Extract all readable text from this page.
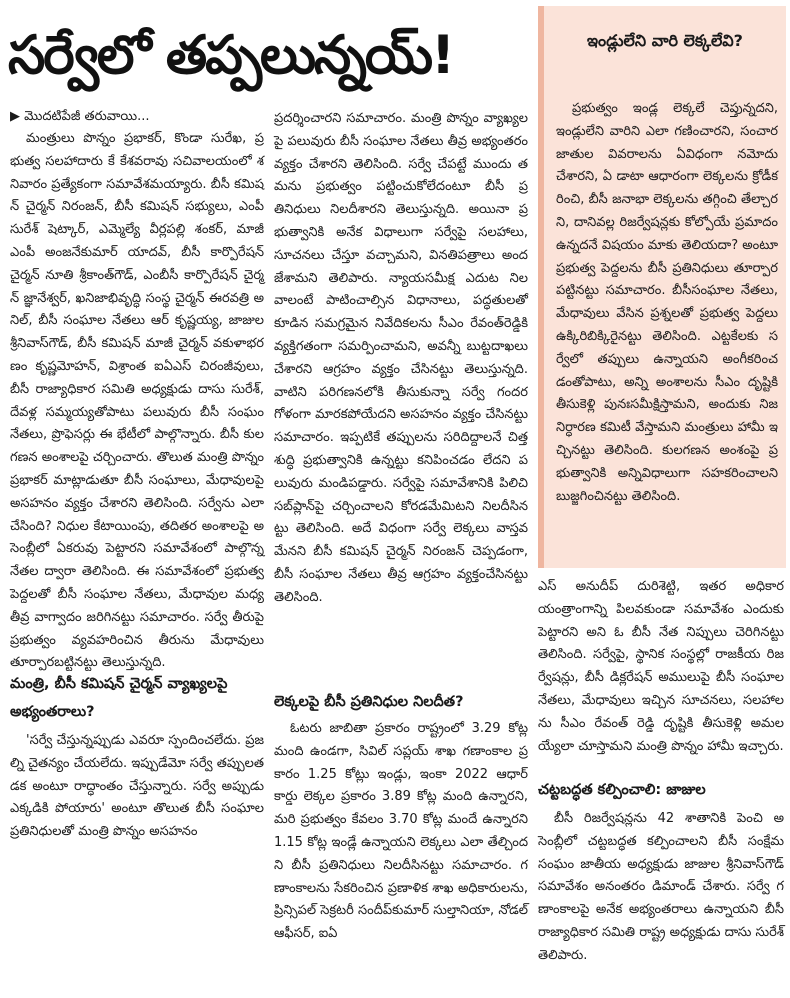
సర్వేలో తప్పలున్నయ్!
▶ మొదటిపేజీ తరువాయి...

మంత్రులు పొన్నం ప్రభాకర్, కొండా సురేఖ, ప్రభుత్వ సలహాదారు కే కేశవరావు సచివాలయంలో శనివారం ప్రత్యేకంగా సమావేశమయ్యారు. బీసీ కమిషన్ చైర్మన్ నిరంజన్, బీసీ కమిషన్ సభ్యులు, ఎంపీ సురేశ్ షెట్కార్, ఎమ్మెల్యే వీర్లపల్లి శంకర్, మాజీ ఎంపీ అంజనేకుమార్ యాదవ్, బీసీ కార్పొరేషన్ చైర్మన్ నూతి శ్రీకాంత్‌గౌడ్, ఎంబీసీ కార్పొరేషన్ చైర్మన్ జ్ఞానేశ్వర్, ఖనిజాభివృద్ధి సంస్థ చైర్మన్ ఈరవత్రి అనిల్, బీసీ సంఘాల నేతలు ఆర్ కృష్ణయ్య, జాజుల శ్రీనివాస్‌గౌడ్, బీసీ కమిషన్ మాజీ చైర్మన్ వకుళాభరణం కృష్ణమోహన్, విశ్రాంత ఐఏఎస్ చిరంజీవులు, బీసీ రాజ్యాధికార సమితి అధ్యక్షుడు దాసు సురేశ్, దేవళ్ల సమ్మయ్యతోపాటు పలువురు బీసీ సంఘం నేతలు, ప్రొఫెసర్లు ఈ భేటీలో పాల్గొన్నారు. బీసీ కులగణన అంశాలపై చర్చించారు. తొలుత మంత్రి పొన్నం ప్రభాకర్ మాట్లాడుతూ బీసీ సంఘాలు, మేధావులపై అసహనం వ్యక్తం చేశారని తెలిసింది. సర్వేను ఎలా చేసింది? నిధుల కేటాయింపు, తదితర అంశాలపై అసెంబ్లీలో ఏకరువు పెట్టారని సమావేశంలో పాల్గొన్న నేతల ద్వారా తెలిసింది. ఈ సమావేశంలో ప్రభుత్వ పెద్దలతో బీసీ సంఘాల నేతలు, మేధావుల మధ్య తీవ్ర వాగ్వాదం జరిగినట్టు సమాచారం. సర్వే తీరుపై ప్రభుత్వం వ్యవహరించిన తీరును మేధావులు తూర్పారబట్టినట్టు తెలుస్తున్నది.

మంత్రి, బీసీ కమిషన్ చైర్మన్ వ్యాఖ్యలపై అభ్యంతరాలు?

'సర్వే చేస్తున్నప్పుడు ఎవరూ స్పందించలేదు. ప్రజల్ని చైతన్యం చేయలేదు. ఇప్పుడేమో సర్వే తప్పులతడక అంటూ రాద్ధాంతం చేస్తున్నారు. సర్వే అప్పుడు ఎక్కడికి పోయారు' అంటూ తొలుత బీసీ సంఘాల ప్రతినిధులతో మంత్రి పొన్నం అసహనం

ప్రదర్శించారని సమాచారం. మంత్రి పొన్నం వ్యాఖ్యలపై పలువురు బీసీ సంఘాల నేతలు తీవ్ర అభ్యంతరం వ్యక్తం చేశారని తెలిసింది. సర్వే చేపట్టే ముందు తమను ప్రభుత్వం పట్టించుకోలేదంటూ బీసీ ప్రతినిధులు నిలదీశారని తెలుస్తున్నది. అయినా ప్రభుత్వానికి అనేక విధాలుగా సర్వేపై సలహాలు, సూచనలు చేస్తూ వచ్చామని, వినతిపత్రాలు అందజేశామని తెలిపారు. న్యాయసమీక్ష ఎదుట నిలవాలంటే పాటించాల్సిన విధానాలు, పద్ధతులతో కూడిన సమగ్రమైన నివేదికలను సీఎం రేవంత్‌రెడ్డికి వ్యక్తిగతంగా సమర్పించామని, అవన్నీ బుట్టదాఖలు చేశారని ఆగ్రహం వ్యక్తం చేసినట్టు తెలుస్తున్నది. వాటిని పరిగణనలోకి తీసుకున్నా సర్వే గందరగోళంగా మారకపోయేదని అసహనం వ్యక్తం చేసినట్టు సమాచారం. ఇప్పటికే తప్పులను సరిదిద్దాలనే చిత్తశుద్ధి ప్రభుత్వానికి ఉన్నట్టు కనిపించడం లేదని పలువురు మండిపడ్డారు. సర్వేపై సమావేశానికి పిలిచి సబ్‌ప్లాన్‌పై చర్చించాలని కోరడమేమిటని నిలదీసినట్టు తెలిసింది. అదే విధంగా సర్వే లెక్కలు వాస్తవమేనని బీసీ కమిషన్ చైర్మన్ నిరంజన్ చెప్పడంగా, బీసీ సంఘాల నేతలు తీవ్ర ఆగ్రహం వ్యక్తంచేసినట్టు తెలిసింది.

లెక్కలపై బీసీ ప్రతినిధుల నిలదీత?

ఓటరు జాబితా ప్రకారం రాష్ట్రంలో 3.29 కోట్ల మంది ఉండగా, సివిల్ సప్లయ్ శాఖ గణాంకాల ప్రకారం 1.25 కోట్లు ఇండ్లు, ఇంకా 2022 ఆధార్ కార్డు లెక్కల ప్రకారం 3.89 కోట్ల మంది ఉన్నారని, మరి ప్రభుత్వం కేవలం 3.70 కోట్ల మందే ఉన్నారని 1.15 కోట్ల ఇండ్లే ఉన్నాయని లెక్కలు ఎలా తేల్చిందని బీసీ ప్రతినిధులు నిలదీసినట్టు సమాచారం. గణాంకాలను సేకరించిన ప్రణాళిక శాఖ అధికారులను, ప్రిన్సిపల్ సెక్రటరీ సందీప్‌కుమార్ సుల్తానియా, నోడల్ ఆఫీసర్, ఐఏ

ఇండ్లులేని వారి లెక్కలేవి?

ప్రభుత్వం ఇండ్ల లెక్కలే చెప్తున్నదని, ఇండ్లులేని వారిని ఎలా గణించారని, సంచార జాతుల వివరాలను ఏవిధంగా నమోదు చేశారని, ఏ డాటా ఆధారంగా లెక్కలను క్రోడీకరించి, బీసీ జనాభా లెక్కలను తగ్గించి తేల్చారని, దానివల్ల రిజర్వేషన్లకు కోల్పోయే ప్రమాదం ఉన్నదనే విషయం మాకు తెలియదా? అంటూ ప్రభుత్వ పెద్దలను బీసీ ప్రతినిధులు తూర్పారపట్టినట్టు సమాచారం. బీసీసంఘాల నేతలు, మేధావులు వేసిన ప్రశ్నలతో ప్రభుత్వ పెద్దలు ఉక్కిరిబిక్కిరైనట్టు తెలిసింది. ఎట్టకేలకు సర్వేలో తప్పులు ఉన్నాయని అంగీకరించడంతోపాటు, అన్ని అంశాలను సీఎం దృష్టికి తీసుకెళ్లి పునఃసమీక్షిస్తామని, అందుకు నిజనిర్ధారణ కమిటీ వేస్తామని మంత్రులు హామీ ఇచ్చినట్టు తెలిసింది. కులగణన అంశంపై ప్రభుత్వానికి అన్నివిధాలుగా సహకరించాలని బుజ్జగించినట్టు తెలిసింది.

ఎస్ అనుదీప్ దురిశెట్టి, ఇతర అధికార యంత్రాంగాన్ని పిలవకుండా సమావేశం ఎందుకు పెట్టారని అని ఓ బీసీ నేత నిప్పులు చెరిగినట్టు తెలిసింది. సర్వేపై, స్థానిక సంస్థల్లో రాజకీయ రిజర్వేషన్లు, బీసీ డిక్లరేషన్ అములుపై బీసీ సంఘాల నేతలు, మేధావులు ఇచ్చిన సూచనలు, సలహాలను సీఎం రేవంత్ రెడ్డి దృష్టికి తీసుకెళ్లి అమలయ్యేలా చూస్తామని మంత్రి పొన్నం హామీ ఇచ్చారు.

చట్టబద్ధత కల్పించాలి: జాజుల

బీసీ రిజర్వేషన్లను 42 శాతానికి పెంచి అసెంబ్లీలో చట్టబద్ధత కల్పించాలని బీసీ సంక్షేమ సంఘం జాతీయ అధ్యక్షుడు జాజుల శ్రీనివాస్‌గౌడ్ సమావేశం అనంతరం డిమాండ్ చేశారు. సర్వే గణాంకాలపై అనేక అభ్యంతరాలు ఉన్నాయని బీసీ రాజ్యాధికార సమితి రాష్ట్ర అధ్యక్షుడు దాసు సురేశ్ తెలిపారు.
